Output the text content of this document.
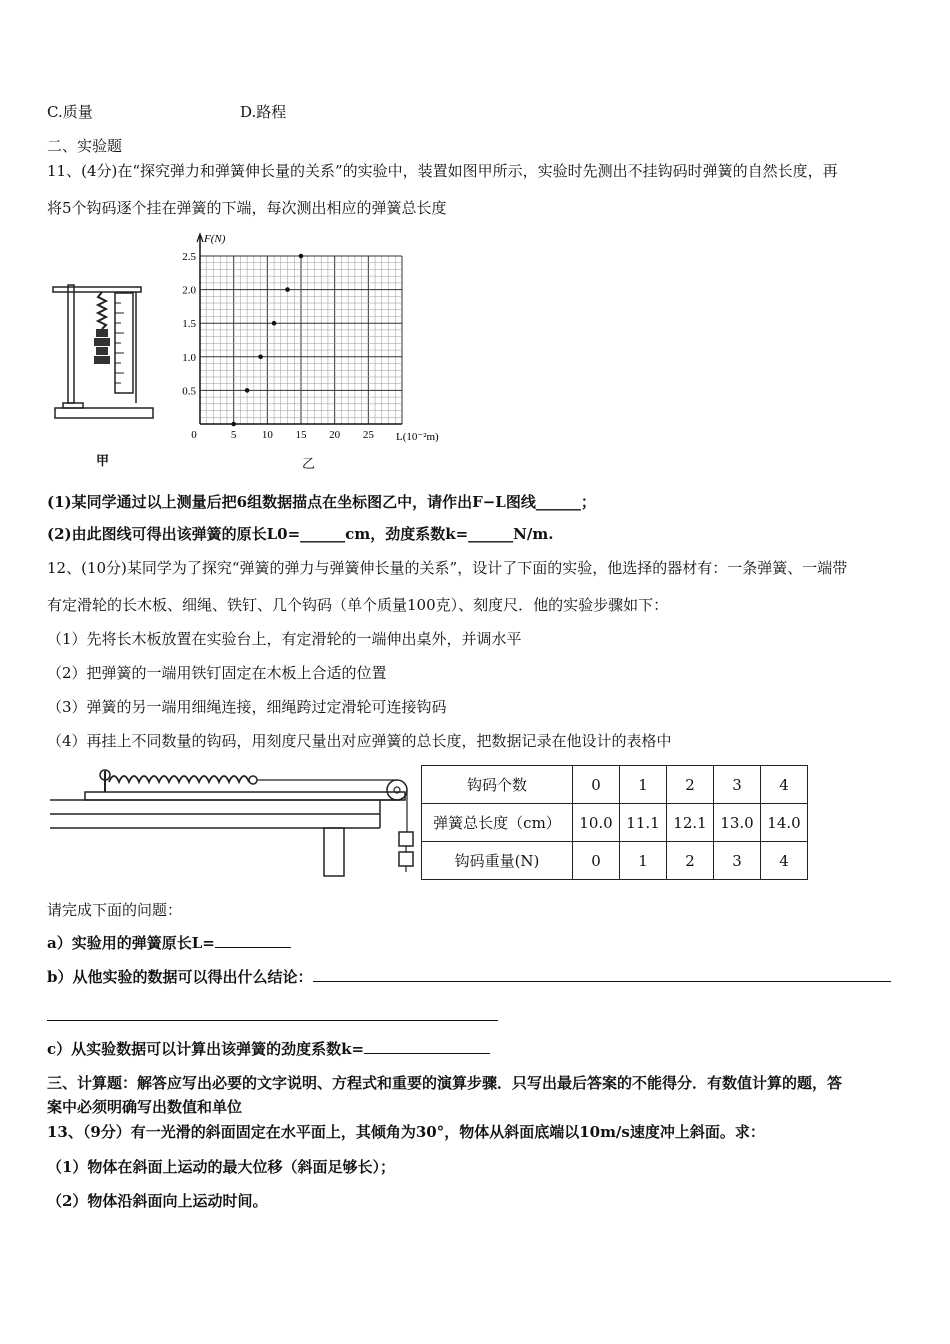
C.质量	D.路程
二、实验题
11、(4分)在“探究弹力和弹簧伸长量的关系”的实验中，装置如图甲所示，实验时先测出不挂钩码时弹簧的自然长度，再
将5个钩码逐个挂在弹簧的下端，每次测出相应的弹簧总长度
甲
0	5 10 15 20 25
0.5
1.0
1.5
2.0
2.5
F(N)
L(10⁻²m)
乙
(1)某同学通过以上测量后把6组数据描点在坐标图乙中，请作出F−L图线______；
(2)由此图线可得出该弹簧的原长L0=______cm，劲度系数k=______N/m.
12、(10分)某同学为了探究“弹簧的弹力与弹簧伸长量的关系”，设计了下面的实验，他选择的器材有：一条弹簧、一端带
有定滑轮的长木板、细绳、铁钉、几个钩码（单个质量100克）、刻度尺．他的实验步骤如下：
（1）先将长木板放置在实验台上，有定滑轮的一端伸出桌外，并调水平
（2）把弹簧的一端用铁钉固定在木板上合适的位置
（3）弹簧的另一端用细绳连接，细绳跨过定滑轮可连接钩码
（4）再挂上不同数量的钩码，用刻度尺量出对应弹簧的总长度，把数据记录在他设计的表格中
钩码个数	0	1	2	3	4
弹簧总长度（cm）	10.0	11.1	12.1	13.0	14.0
钩码重量(N)	0	1	2	3	4
请完成下面的问题：
a）实验用的弹簧原长L=
b）从他实验的数据可以得出什么结论：
c）从实验数据可以计算出该弹簧的劲度系数k=
三、计算题：解答应写出必要的文字说明、方程式和重要的演算步骤．只写出最后答案的不能得分．有数值计算的题，答
案中必须明确写出数值和单位
13、（9分）有一光滑的斜面固定在水平面上，其倾角为30°，物体从斜面底端以10m/s速度冲上斜面。求：
（1）物体在斜面上运动的最大位移（斜面足够长）；
（2）物体沿斜面向上运动时间。
